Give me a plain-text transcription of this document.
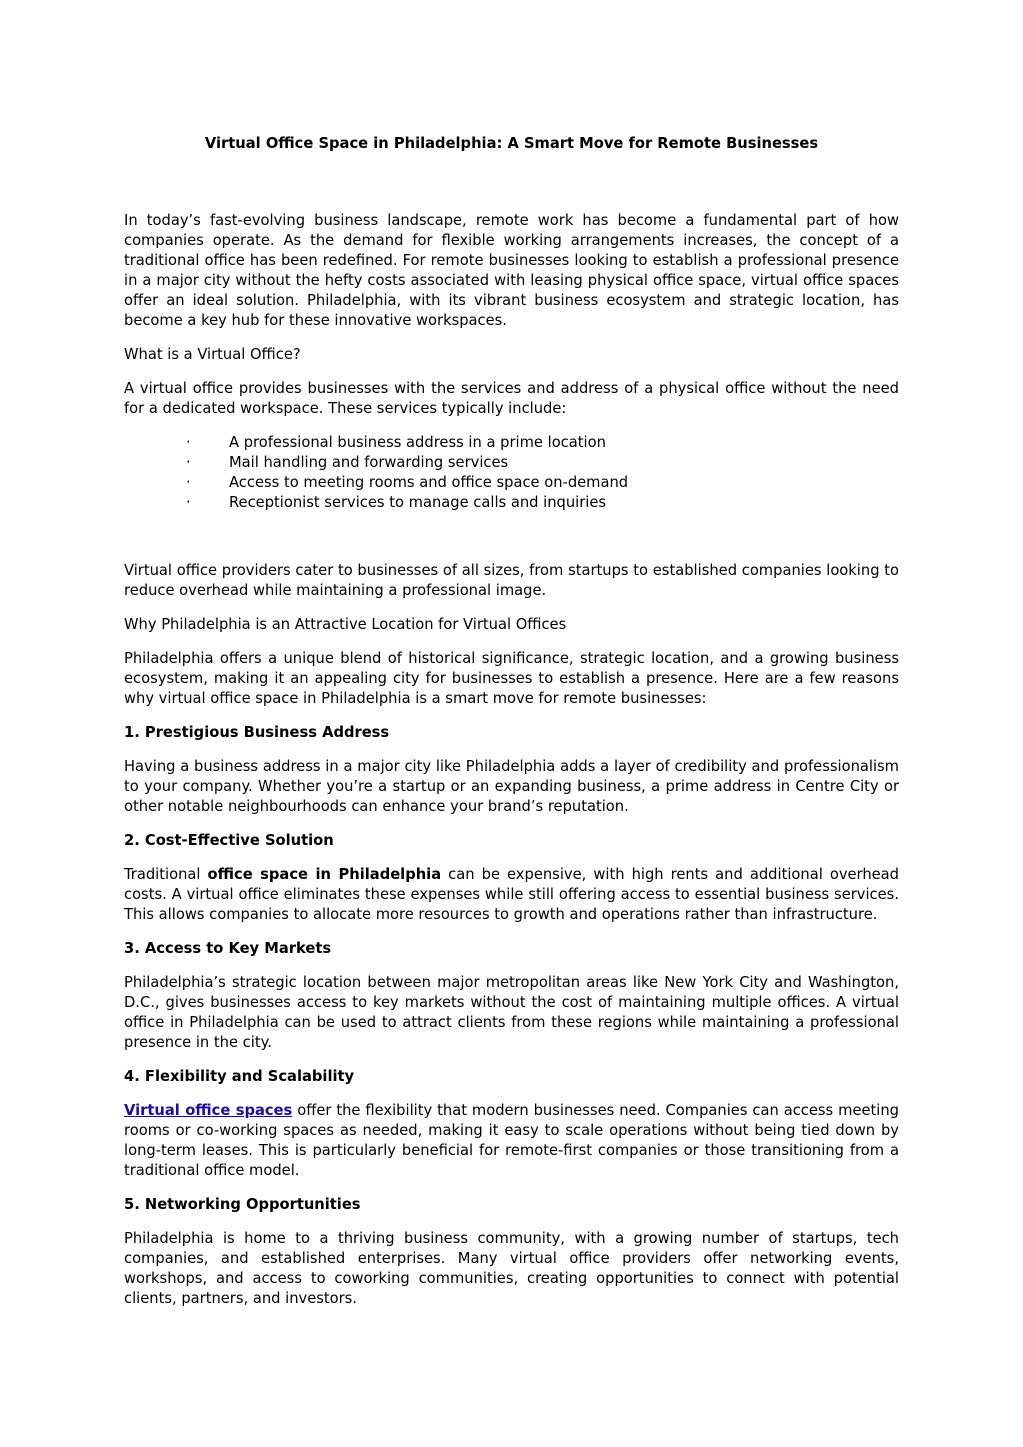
Virtual Office Space in Philadelphia: A Smart Move for Remote Businesses

In today’s fast-evolving business landscape, remote work has become a fundamental part of how companies operate. As the demand for flexible working arrangements increases, the concept of a traditional office has been redefined. For remote businesses looking to establish a professional presence in a major city without the hefty costs associated with leasing physical office space, virtual office spaces offer an ideal solution. Philadelphia, with its vibrant business ecosystem and strategic location, has become a key hub for these innovative workspaces.

What is a Virtual Office?

A virtual office provides businesses with the services and address of a physical office without the need for a dedicated workspace. These services typically include:

·	A professional business address in a prime location
·	Mail handling and forwarding services
·	Access to meeting rooms and office space on-demand
·	Receptionist services to manage calls and inquiries

Virtual office providers cater to businesses of all sizes, from startups to established companies looking to reduce overhead while maintaining a professional image.

Why Philadelphia is an Attractive Location for Virtual Offices

Philadelphia offers a unique blend of historical significance, strategic location, and a growing business ecosystem, making it an appealing city for businesses to establish a presence. Here are a few reasons why virtual office space in Philadelphia is a smart move for remote businesses:

1. Prestigious Business Address

Having a business address in a major city like Philadelphia adds a layer of credibility and professionalism to your company. Whether you’re a startup or an expanding business, a prime address in Centre City or other notable neighbourhoods can enhance your brand’s reputation.

2. Cost-Effective Solution

Traditional office space in Philadelphia can be expensive, with high rents and additional overhead costs. A virtual office eliminates these expenses while still offering access to essential business services. This allows companies to allocate more resources to growth and operations rather than infrastructure.

3. Access to Key Markets

Philadelphia’s strategic location between major metropolitan areas like New York City and Washington, D.C., gives businesses access to key markets without the cost of maintaining multiple offices. A virtual office in Philadelphia can be used to attract clients from these regions while maintaining a professional presence in the city.

4. Flexibility and Scalability

Virtual office spaces offer the flexibility that modern businesses need. Companies can access meeting rooms or co-working spaces as needed, making it easy to scale operations without being tied down by long-term leases. This is particularly beneficial for remote-first companies or those transitioning from a traditional office model.

5. Networking Opportunities

Philadelphia is home to a thriving business community, with a growing number of startups, tech companies, and established enterprises. Many virtual office providers offer networking events, workshops, and access to coworking communities, creating opportunities to connect with potential clients, partners, and investors.
